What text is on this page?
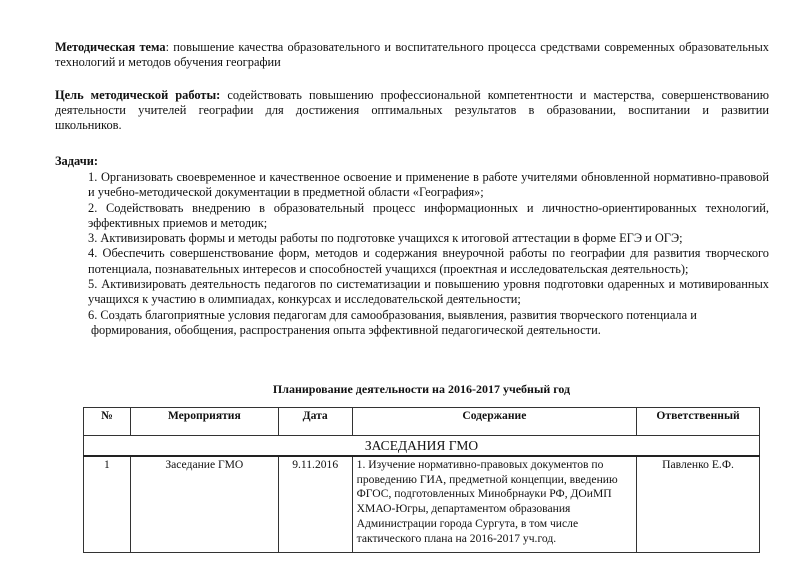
Методическая тема: повышение качества образовательного и воспитательного процесса средствами современных образовательных технологий и методов обучения географии
Цель методической работы: содействовать повышению профессиональной компетентности и мастерства, совершенствованию деятельности учителей географии для достижения оптимальных результатов в образовании, воспитании и развитии школьников.
Задачи:

1. Организовать своевременное и качественное освоение и применение в работе учителями обновленной нормативно-правовой и учебно-методической документации в предметной области «География»;

2. Содействовать внедрению в образовательный процесс информационных и личностно-ориентированных технологий, эффективных приемов и методик;

3. Активизировать формы и методы работы по подготовке учащихся к итоговой аттестации в форме ЕГЭ и ОГЭ;

4. Обеспечить совершенствование форм, методов и содержания внеурочной работы по географии для развития творческого потенциала, познавательных интересов и способностей учащихся (проектная и исследовательская деятельность);

5. Активизировать деятельность педагогов по систематизации и повышению уровня подготовки одаренных и мотивированных учащихся к участию в олимпиадах, конкурсах и исследовательской деятельности;

6. Создать благоприятные условия педагогам для самообразования, выявления, развития творческого потенциала и
формирования, обобщения, распространения опыта эффективной педагогической деятельности.

Планирование деятельности на 2016-2017 учебный год
№	Мероприятия	Дата	Содержание	Ответственный
ЗАСЕДАНИЯ ГМО				
1	Заседание ГМО	9.11.2016	1. Изучение нормативно-правовых документов по проведению ГИА, предметной концепции, введению ФГОС, подготовленных Минобрнауки РФ, ДОиМП ХМАО-Югры, департаментом образования Администрации города Сургута, в том числе тактического плана на 2016-2017 уч.год.	Павленко Е.Ф.
